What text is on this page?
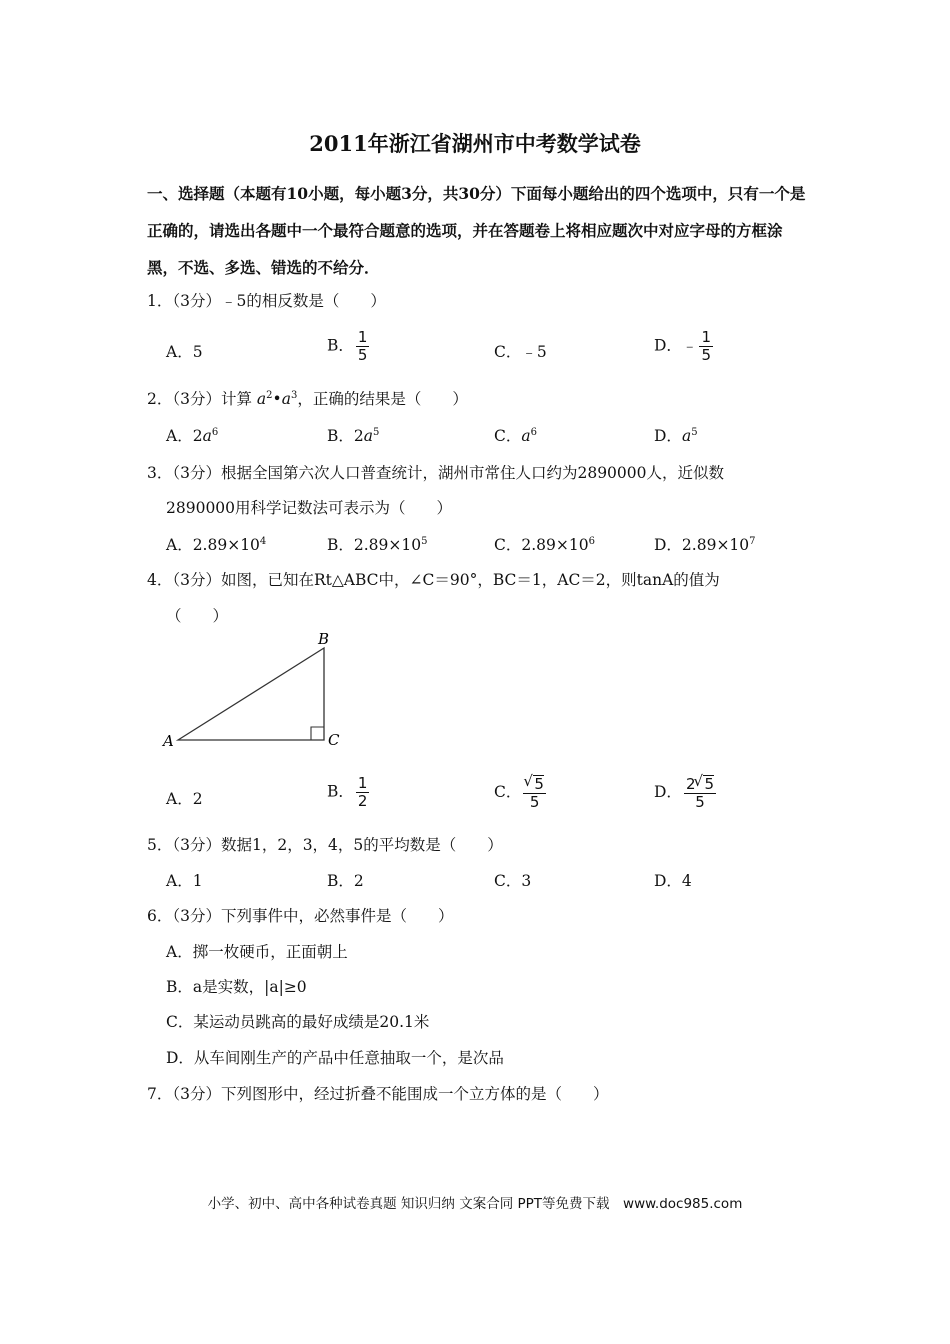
2011年浙江省湖州市中考数学试卷
一、选择题（本题有10小题，每小题3分，共30分）下面每小题给出的四个选项中，只有一个是正确的，请选出各题中一个最符合题意的选项，并在答题卷上将相应题次中对应字母的方框涂黑，不选、多选、错选的不给分．
1．（3分）﹣5的相反数是（　　）
A．5	B． $\frac{1}{5}$	C．﹣5	D．﹣ $\frac{1}{5}$
2．（3分）计算 $a^2•a^3$，正确的结果是（　　）
A．$2a^6$	B．$2a^5$	C．$a^6$	D．$a^5$
3．（3分）根据全国第六次人口普查统计，湖州市常住人口约为2890000人，近似数
2890000用科学记数法可表示为（　　）
A．$2.89\times 10^4$	B．$2.89\times 10^5$	C．$2.89\times 10^6$	D．$2.89\times 10^7$
4．（3分）如图，已知在Rt△ABC中，∠C＝90°，BC＝1，AC＝2，则tanA的值为
（　　）
A
B
C
A．2	B． $\frac{1}{2}$	C． √ $\frac{5}{5}$	D． $\frac{2 √ 5}{5}$
5．（3分）数据1，2，3，4，5的平均数是（　　）
A．1	B．2	C．3	D．4
6．（3分）下列事件中，必然事件是（　　）
A．掷一枚硬币，正面朝上
B．a是实数，|a|≥0
C．某运动员跳高的最好成绩是20.1米
D．从车间刚生产的产品中任意抽取一个，是次品
7．（3分）下列图形中，经过折叠不能围成一个立方体的是（　　）
小学、初中、高中各种试卷真题 知识归纳 文案合同 PPT等免费下载　www.doc985.com
